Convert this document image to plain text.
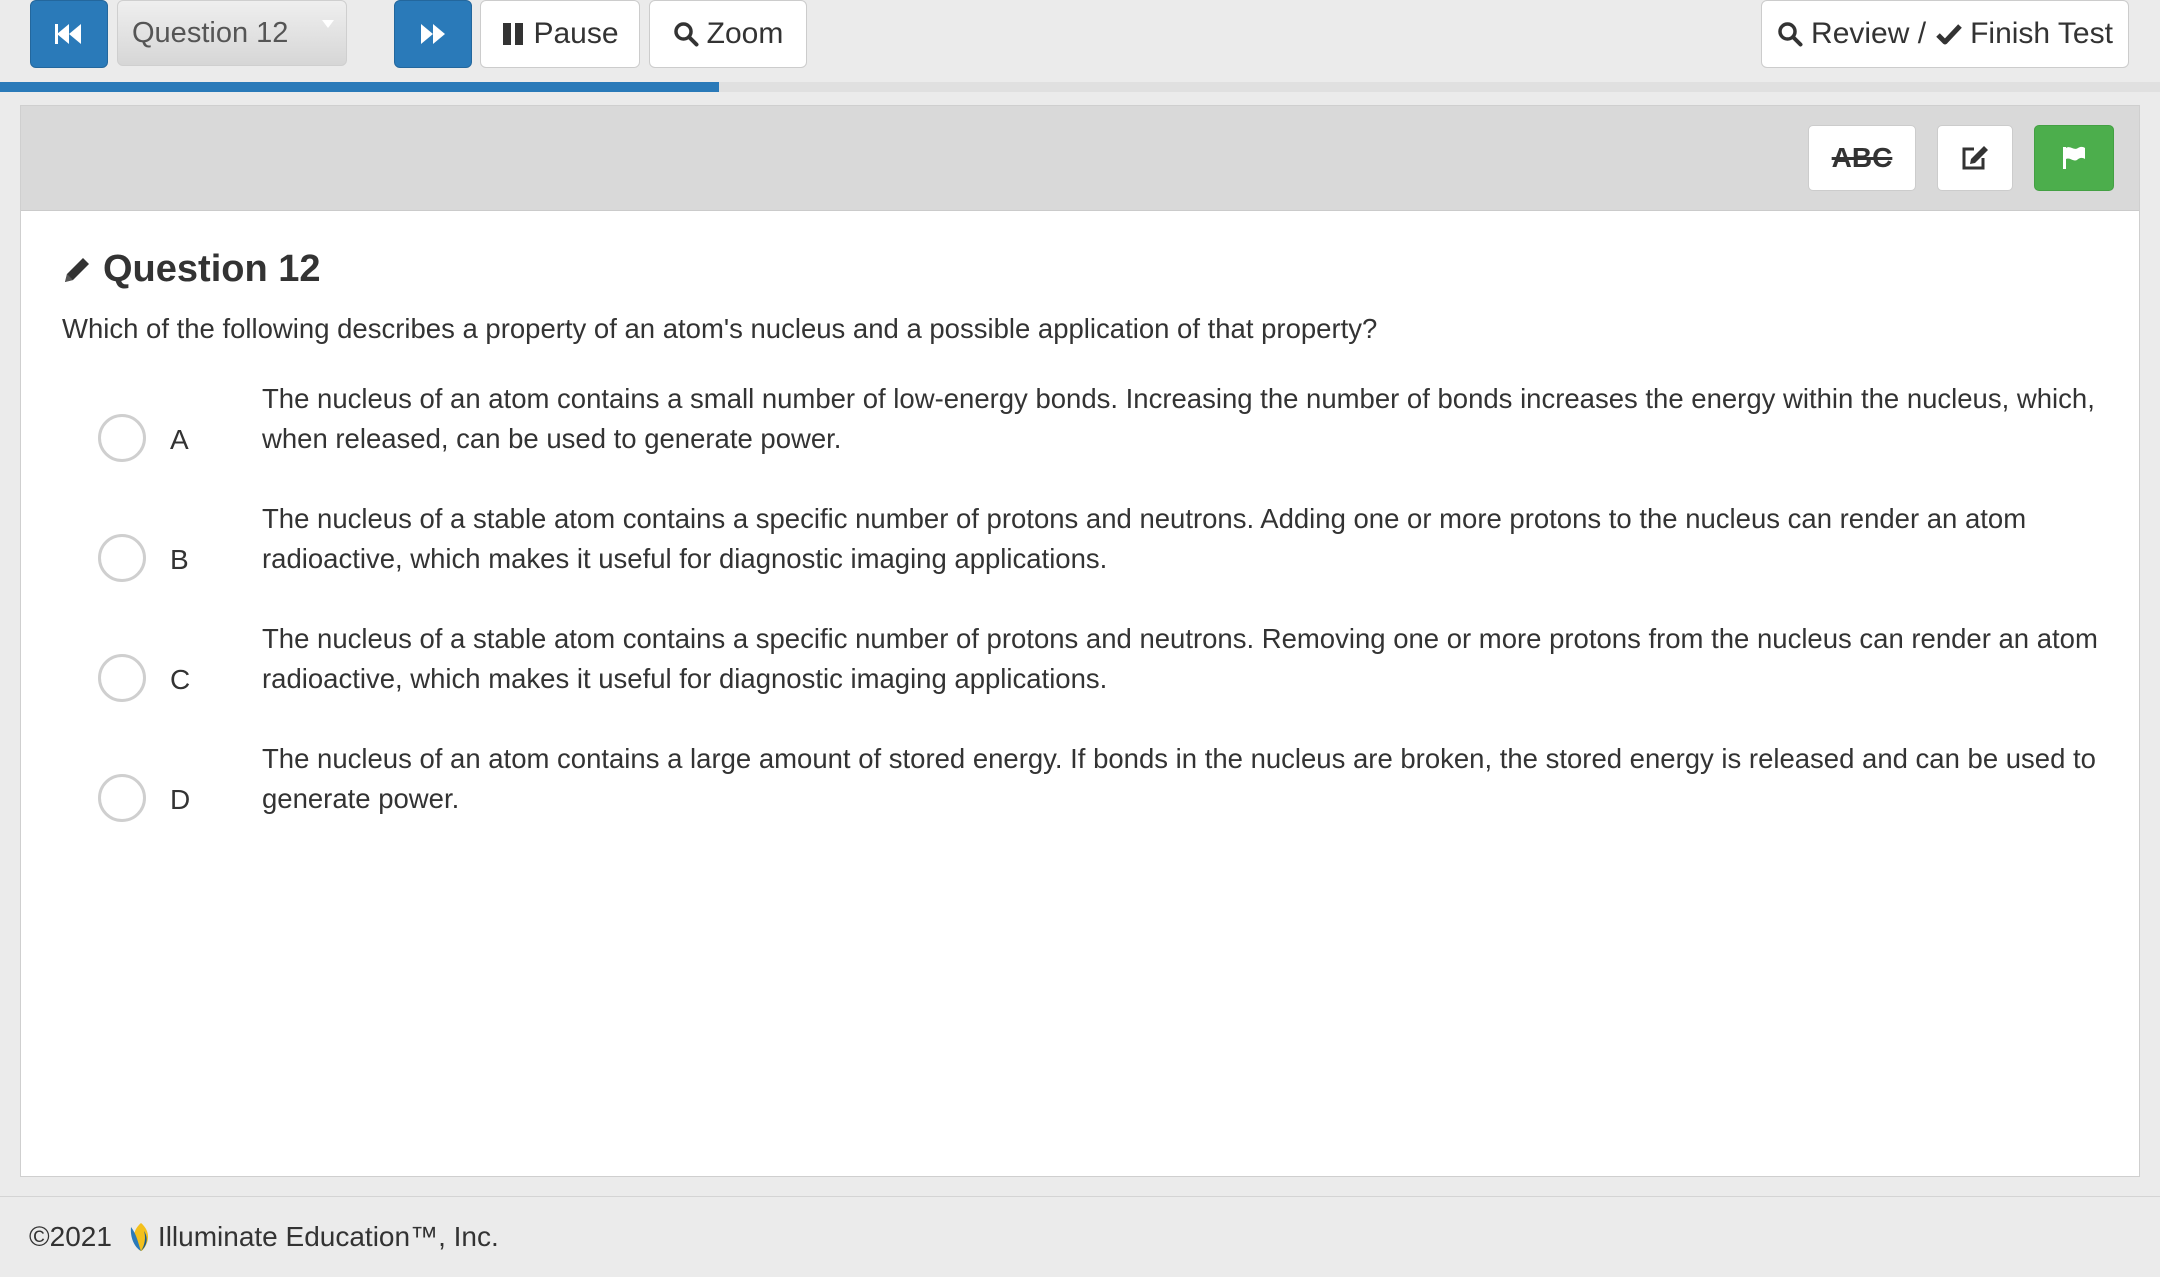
Question 12	Pause	Zoom	Review / Finish Test
ABC
Question 12
Which of the following describes a property of an atom's nucleus and a possible application of that property?
A
The nucleus of an atom contains a small number of low-energy bonds. Increasing the number of bonds increases the energy within the nucleus, which, when released, can be used to generate power.
B
The nucleus of a stable atom contains a specific number of protons and neutrons. Adding one or more protons to the nucleus can render an atom radioactive, which makes it useful for diagnostic imaging applications.
C
The nucleus of a stable atom contains a specific number of protons and neutrons. Removing one or more protons from the nucleus can render an atom radioactive, which makes it useful for diagnostic imaging applications.
D
The nucleus of an atom contains a large amount of stored energy. If bonds in the nucleus are broken, the stored energy is released and can be used to generate power.
©2021 Illuminate Education™, Inc.
